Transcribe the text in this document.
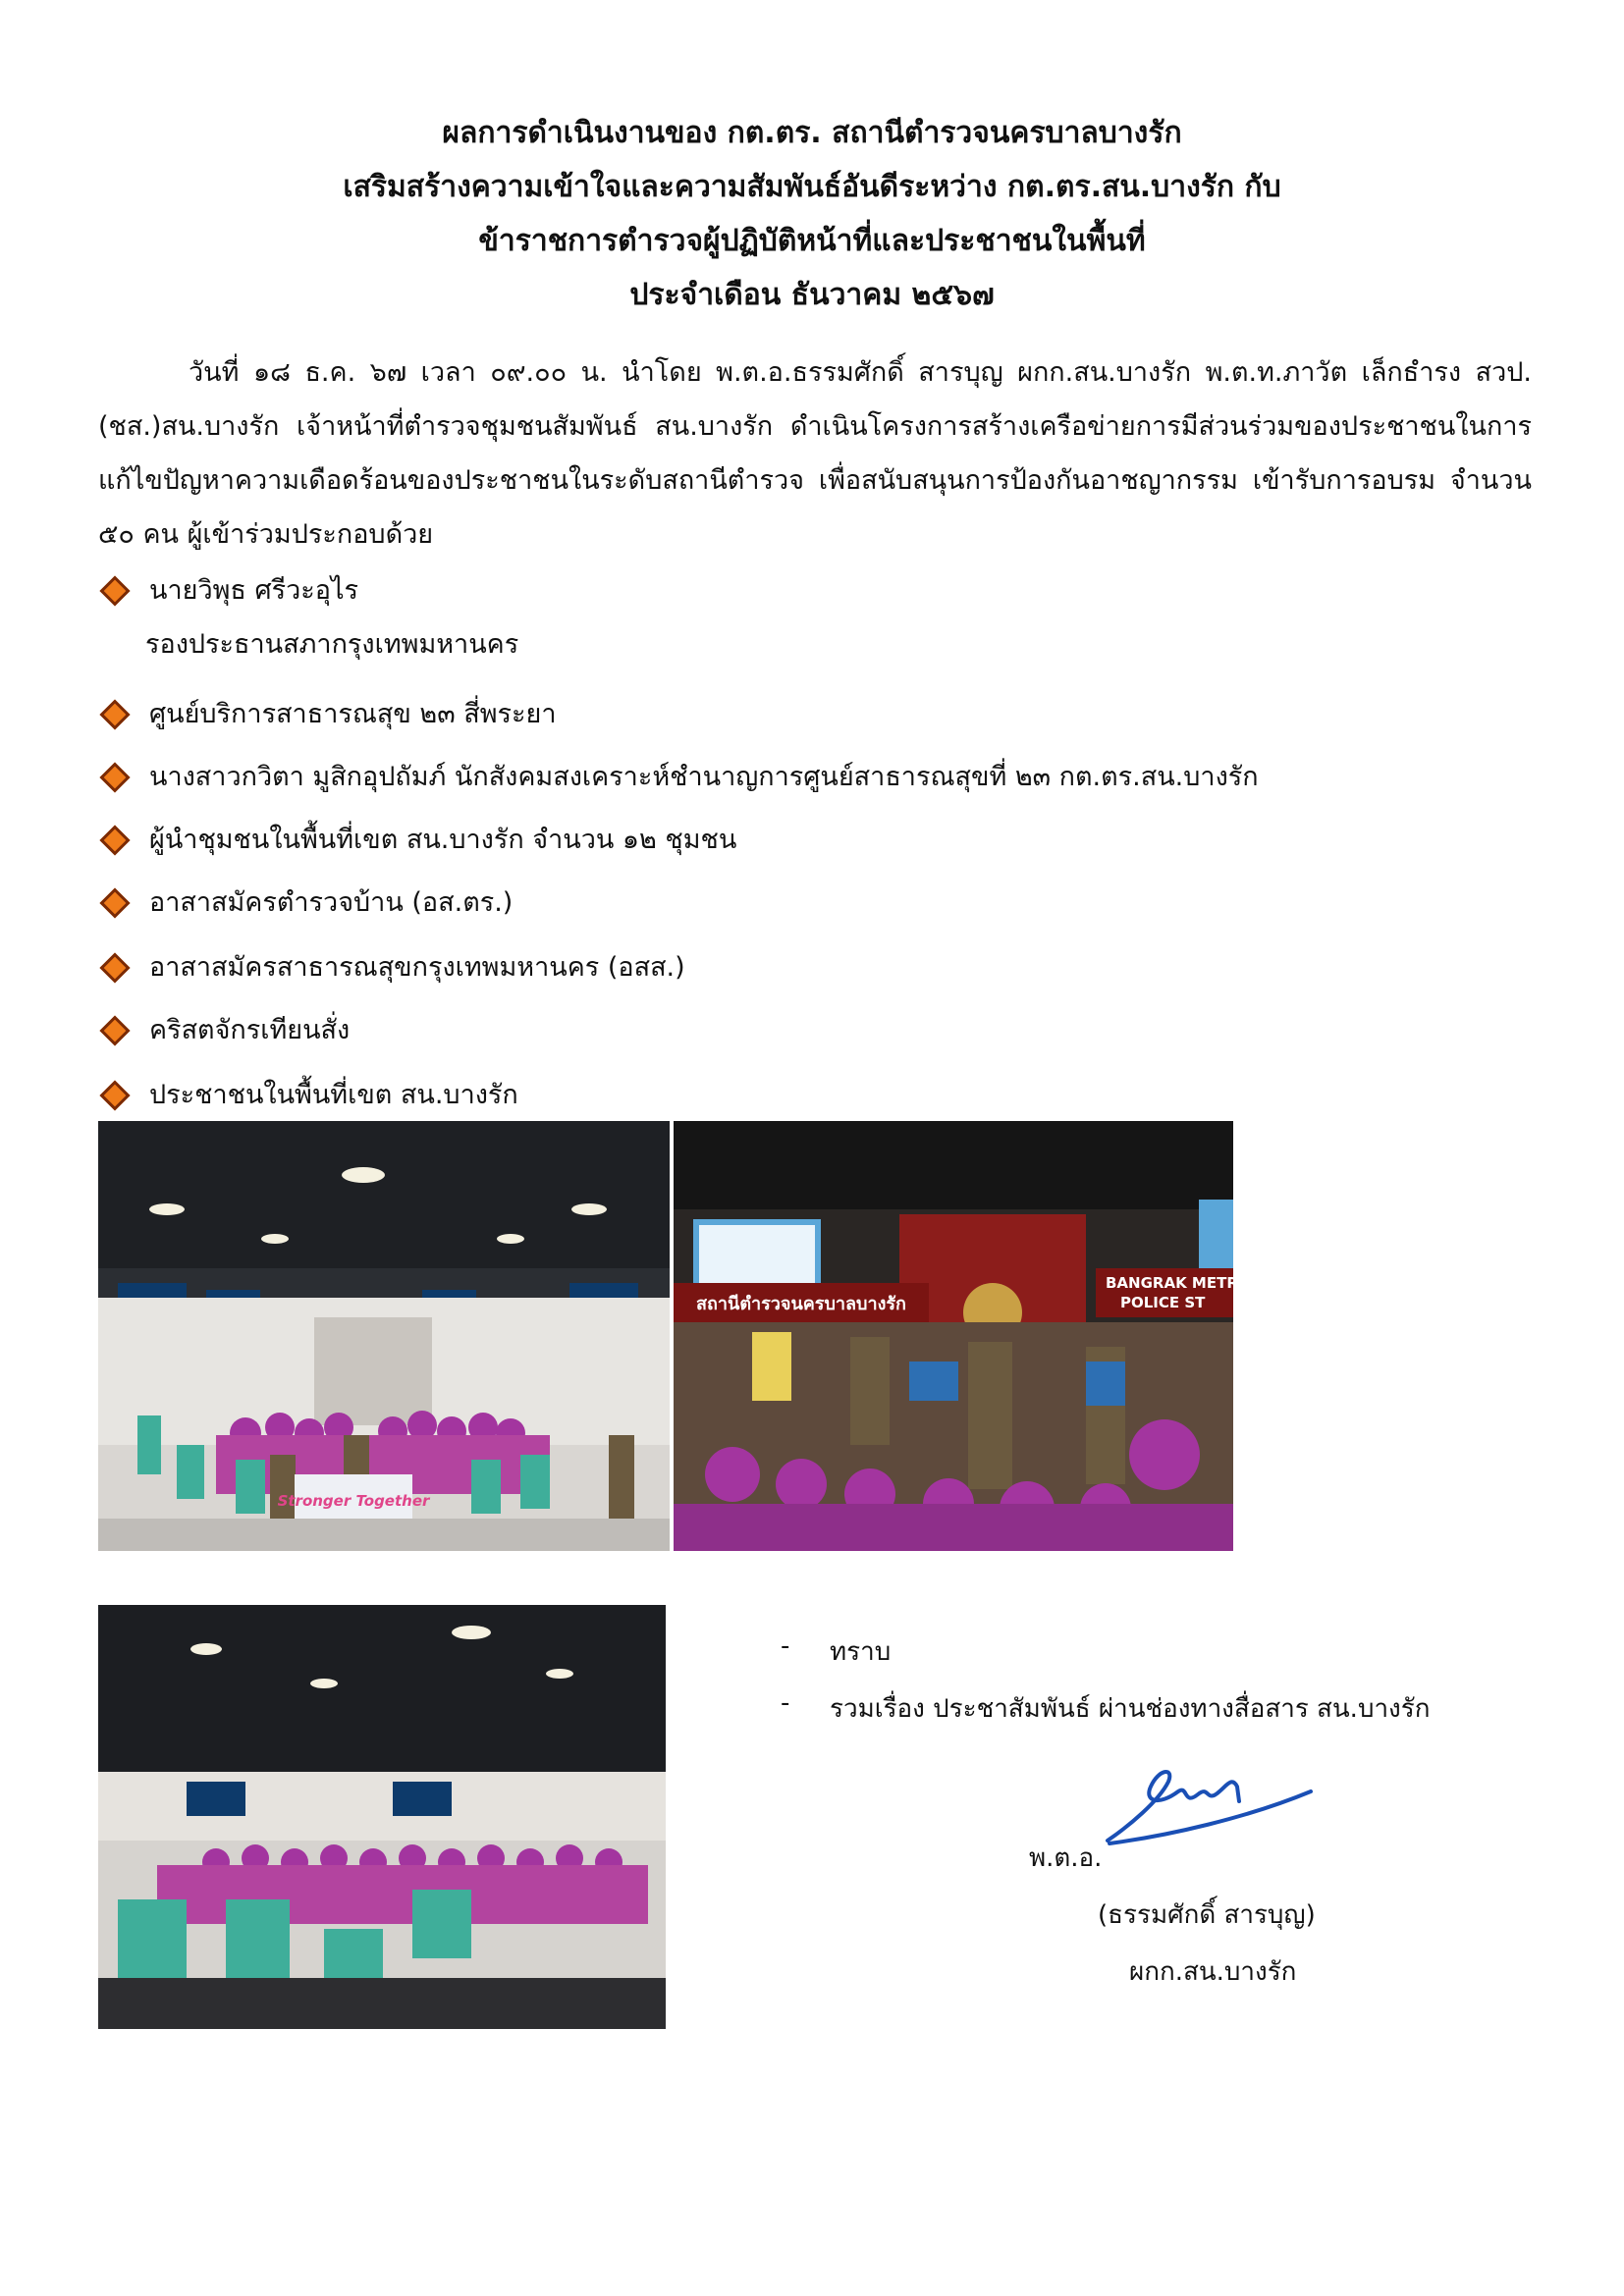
ผลการดำเนินงานของ กต.ตร. สถานีตำรวจนครบาลบางรัก
เสริมสร้างความเข้าใจและความสัมพันธ์อันดีระหว่าง กต.ตร.สน.บางรัก กับ
ข้าราชการตำรวจผู้ปฏิบัติหน้าที่และประชาชนในพื้นที่
ประจำเดือน ธันวาคม ๒๕๖๗
วันที่ ๑๘ ธ.ค. ๖๗ เวลา ๐๙.๐๐ น. นำโดย พ.ต.อ.ธรรมศักดิ์ สารบุญ ผกก.สน.บางรัก พ.ต.ท.ภาวัต เล็กธำรง สวป.(ชส.)สน.บางรัก เจ้าหน้าที่ตำรวจชุมชนสัมพันธ์ สน.บางรัก ดำเนินโครงการสร้างเครือข่ายการมีส่วนร่วมของประชาชนในการแก้ไขปัญหาความเดือดร้อนของประชาชนในระดับสถานีตำรวจ เพื่อสนับสนุนการป้องกันอาชญากรรม เข้ารับการอบรม จำนวน ๕๐ คน ผู้เข้าร่วมประกอบด้วย
นายวิพุธ ศรีวะอุไร
รองประธานสภากรุงเทพมหานคร
ศูนย์บริการสาธารณสุข ๒๓ สี่พระยา
นางสาวกวิตา มูสิกอุปถัมภ์ นักสังคมสงเคราะห์ชำนาญการศูนย์สาธารณสุขที่ ๒๓ กต.ตร.สน.บางรัก
ผู้นำชุมชนในพื้นที่เขต สน.บางรัก จำนวน ๑๒ ชุมชน
อาสาสมัครตำรวจบ้าน (อส.ตร.)
อาสาสมัครสาธารณสุขกรุงเทพมหานคร (อสส.)
คริสตจักรเทียนสั่ง
ประชาชนในพื้นที่เขต สน.บางรัก
Stronger Together
สถานีตำรวจนครบาลบางรัก
BANGRAK METRO
POLICE ST
- ทราบ
- รวมเรื่อง ประชาสัมพันธ์ ผ่านช่องทางสื่อสาร สน.บางรัก
พ.ต.อ.
(ธรรมศักดิ์ สารบุญ)
ผกก.สน.บางรัก
